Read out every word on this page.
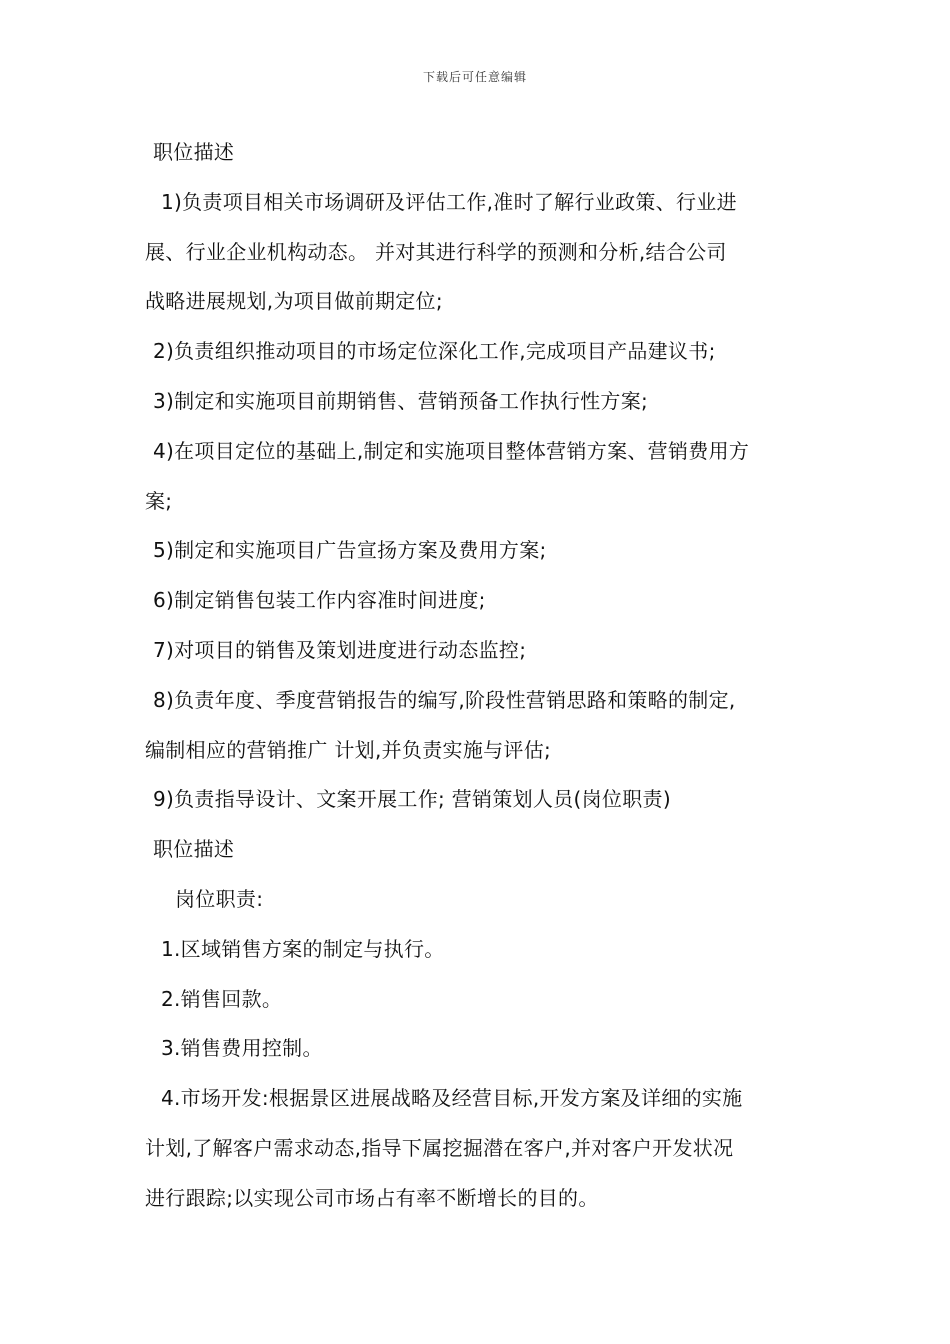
下载后可任意编辑
职位描述
1)负责项目相关市场调研及评估工作,准时了解行业政策、行业进
展、行业企业机构动态。 并对其进行科学的预测和分析,结合公司
战略进展规划,为项目做前期定位;
2)负责组织推动项目的市场定位深化工作,完成项目产品建议书;
3)制定和实施项目前期销售、营销预备工作执行性方案;
4)在项目定位的基础上,制定和实施项目整体营销方案、营销费用方
案;
5)制定和实施项目广告宣扬方案及费用方案;
6)制定销售包装工作内容准时间进度;
7)对项目的销售及策划进度进行动态监控;
8)负责年度、季度营销报告的编写,阶段性营销思路和策略的制定,
编制相应的营销推广 计划,并负责实施与评估;
9)负责指导设计、文案开展工作; 营销策划人员(岗位职责)
职位描述
岗位职责:
1.区域销售方案的制定与执行。
2.销售回款。
3.销售费用控制。
4.市场开发:根据景区进展战略及经营目标,开发方案及详细的实施
计划,了解客户需求动态,指导下属挖掘潜在客户,并对客户开发状况
进行跟踪;以实现公司市场占有率不断增长的目的。
